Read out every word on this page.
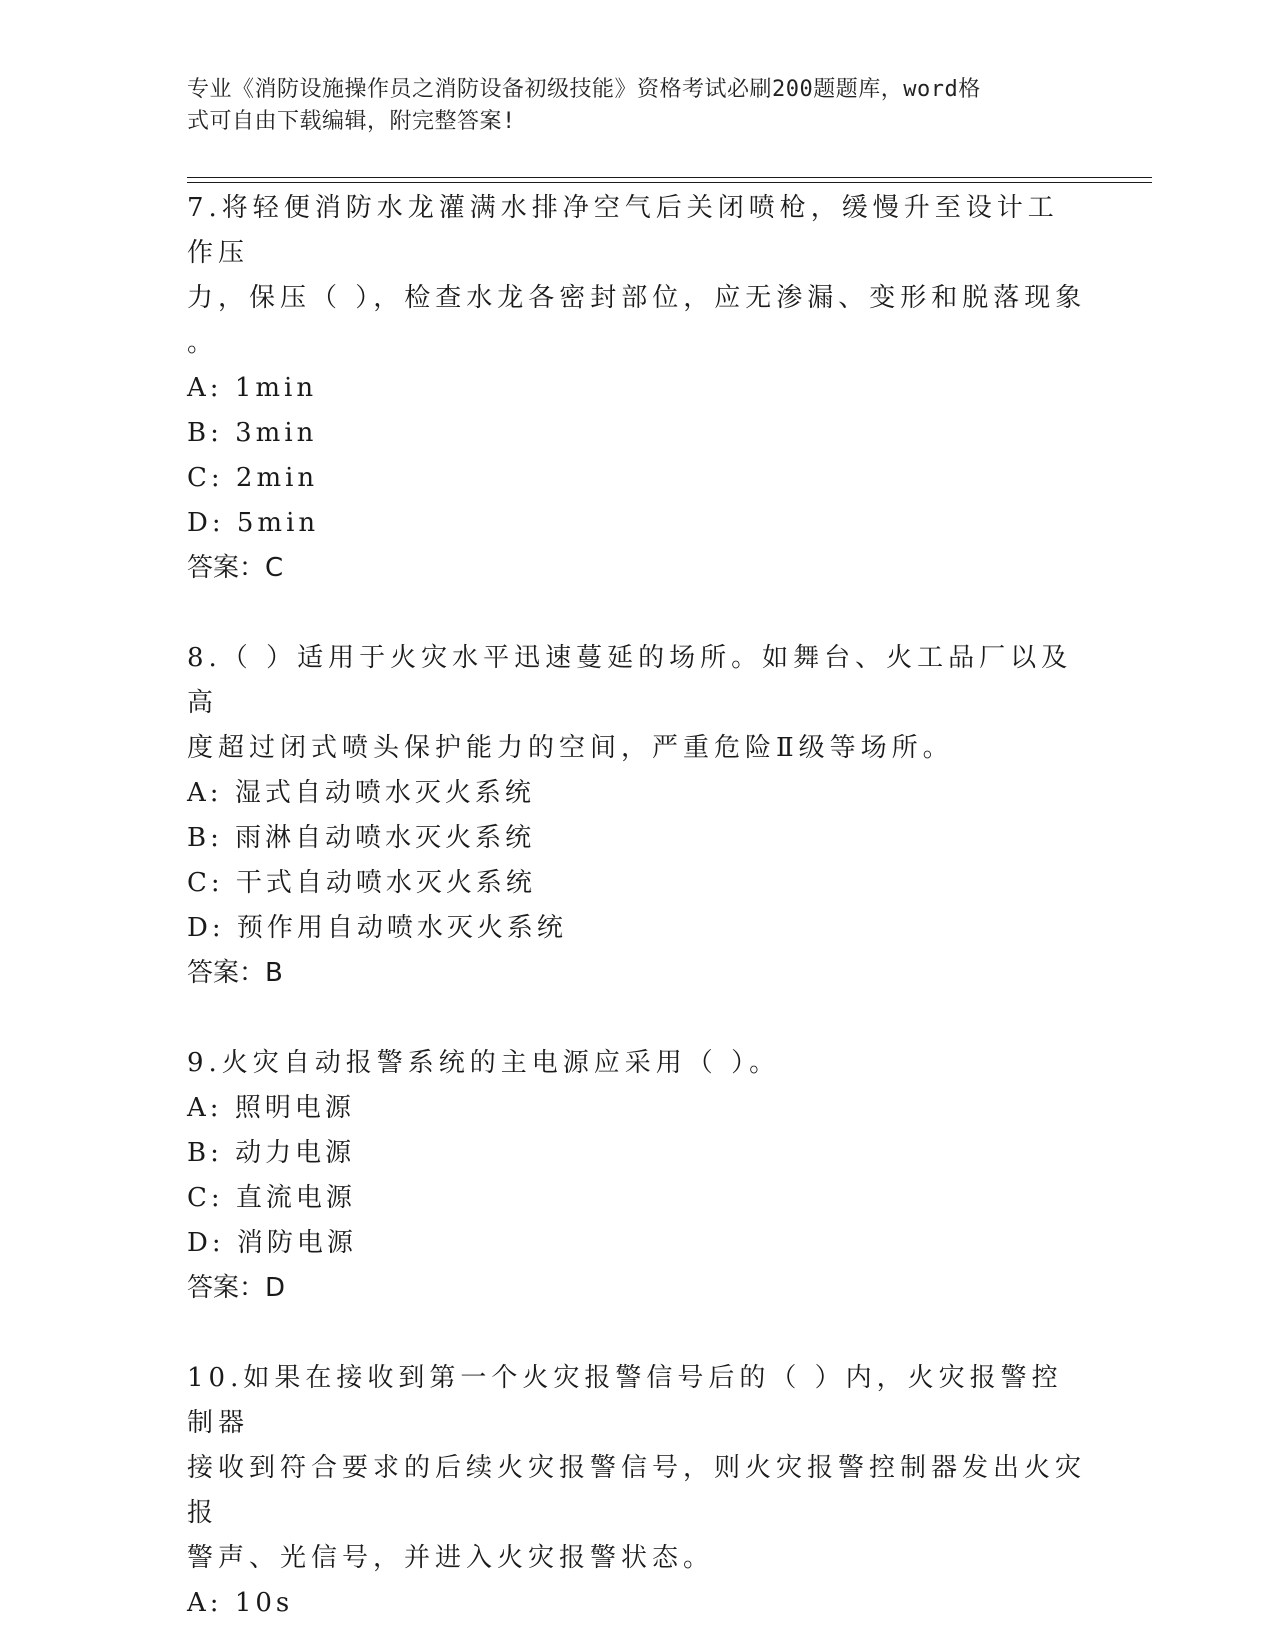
专业《消防设施操作员之消防设备初级技能》资格考试必刷200题题库，word格
式可自由下载编辑，附完整答案!

7.将轻便消防水龙灌满水排净空气后关闭喷枪，缓慢升至设计工作压

力，保压（ ），检查水龙各密封部位，应无渗漏、变形和脱落现象

。

A: 1min

B: 3min

C: 2min

D: 5min

答案：C

8.（ ）适用于火灾水平迅速蔓延的场所。如舞台、火工品厂以及高

度超过闭式喷头保护能力的空间，严重危险Ⅱ级等场所。

A: 湿式自动喷水灭火系统

B: 雨淋自动喷水灭火系统

C: 干式自动喷水灭火系统

D: 预作用自动喷水灭火系统

答案：B

9.火灾自动报警系统的主电源应采用（ ）。

A: 照明电源

B: 动力电源

C: 直流电源

D: 消防电源

答案：D

10.如果在接收到第一个火灾报警信号后的（ ）内，火灾报警控制器

接收到符合要求的后续火灾报警信号，则火灾报警控制器发出火灾报

警声、光信号，并进入火灾报警状态。

A: 10s
